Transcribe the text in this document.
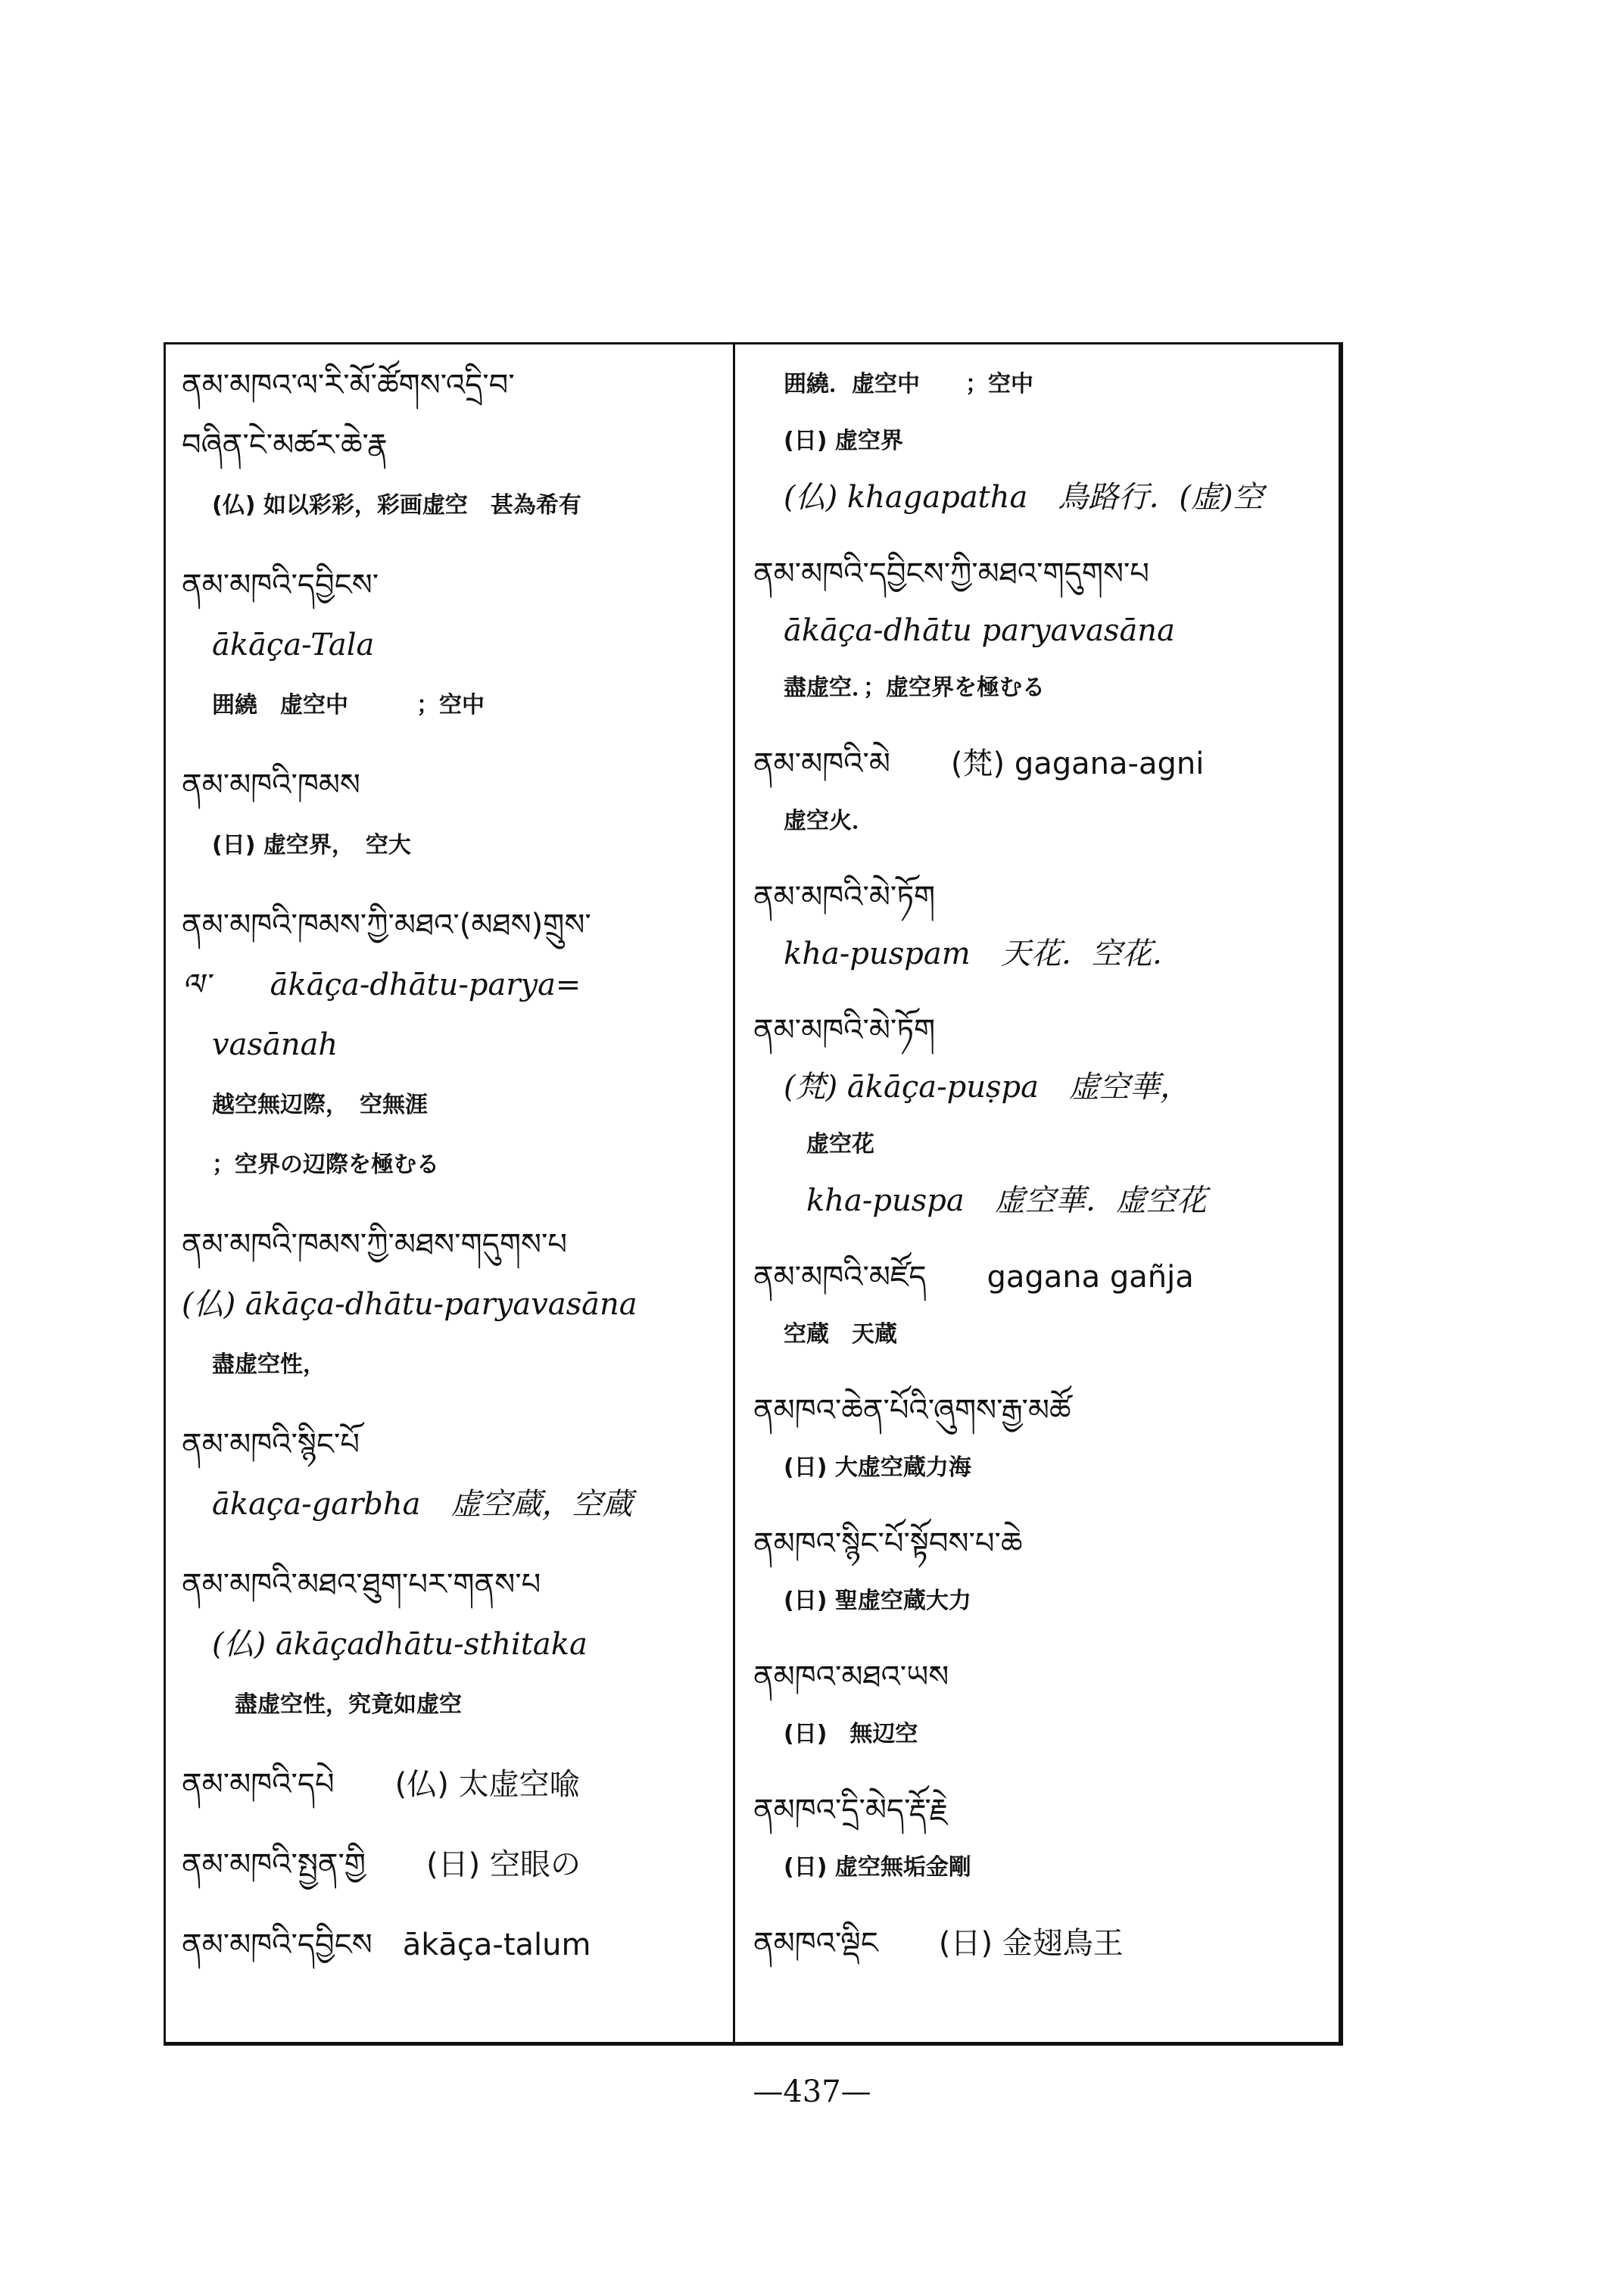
ནམ་མཁའ་ལ་རི་མོ་ཚོགས་འདྲི་བ་
བཞིན་ངེ་མཚར་ཆེ་རྣ
(仏) 如以彩彩，彩画虚空　甚為希有
ནམ་མཁའི་དབྱིངས་
ākāça-Tala
囲繞　虚空中　　　；空中
ནམ་མཁའི་ཁམས
(日) 虚空界，　空大
ནམ་མཁའི་ཁམས་ཀྱི་མཐའ་(མཐས)གྲུས་
ལ་　　ākāça-dhātu-parya=
vasānah
越空無辺際，　空無涯
；空界の辺際を極むる
ནམ་མཁའི་ཁམས་ཀྱི་མཐས་གདུགས་པ
(仏) ākāça-dhātu-paryavasāna
盡虚空性，
ནམ་མཁའི་སྙིང་པོ
ākaça-garbha　虚空蔵，空蔵
ནམ་མཁའི་མཐའ་ཐུག་པར་གནས་པ
(仏) ākāçadhātu-sthitaka
盡虚空性，究竟如虚空
ནམ་མཁའི་དཔེ　　(仏) 太虚空喩
ནམ་མཁའི་སྤྱན་གྱི　　(日) 空眼の
ནམ་མཁའི་དབྱིངས　ākāça-talum
囲繞．虚空中　　；空中
(日) 虚空界
(仏) khagapatha　鳥路行．(虚)空
ནམ་མཁའི་དབྱིངས་ཀྱི་མཐའ་གདུགས་པ
ākāça-dhātu paryavasāna
盡虚空．；虚空界を極むる
ནམ་མཁའི་མེ　　(梵) gagana-agni
虚空火．
ནམ་མཁའི་མེ་ཏོག
kha-puspam　天花．空花．
ནམ་མཁའི་མེ་ཏོག
(梵) ākāça-puṣpa　虚空華，
虚空花
kha-puspa　虚空華．虚空花
ནམ་མཁའི་མཛོད　　gagana gañja
空蔵　天蔵
ནམཁའ་ཆེན་པོའི་ཞུགས་རྒྱ་མཚོ
(日) 大虚空蔵力海
ནམཁའ་སྙིང་པོ་སྟོབས་པ་ཆེ
(日) 聖虚空蔵大力
ནམཁའ་མཐའ་ཡས
(日)　無辺空
ནམཁའ་དྲི་མེད་རྡོ་རྗེ
(日) 虚空無垢金剛
ནམཁའ་ལྡིང　　(日) 金翅鳥王
—437—
